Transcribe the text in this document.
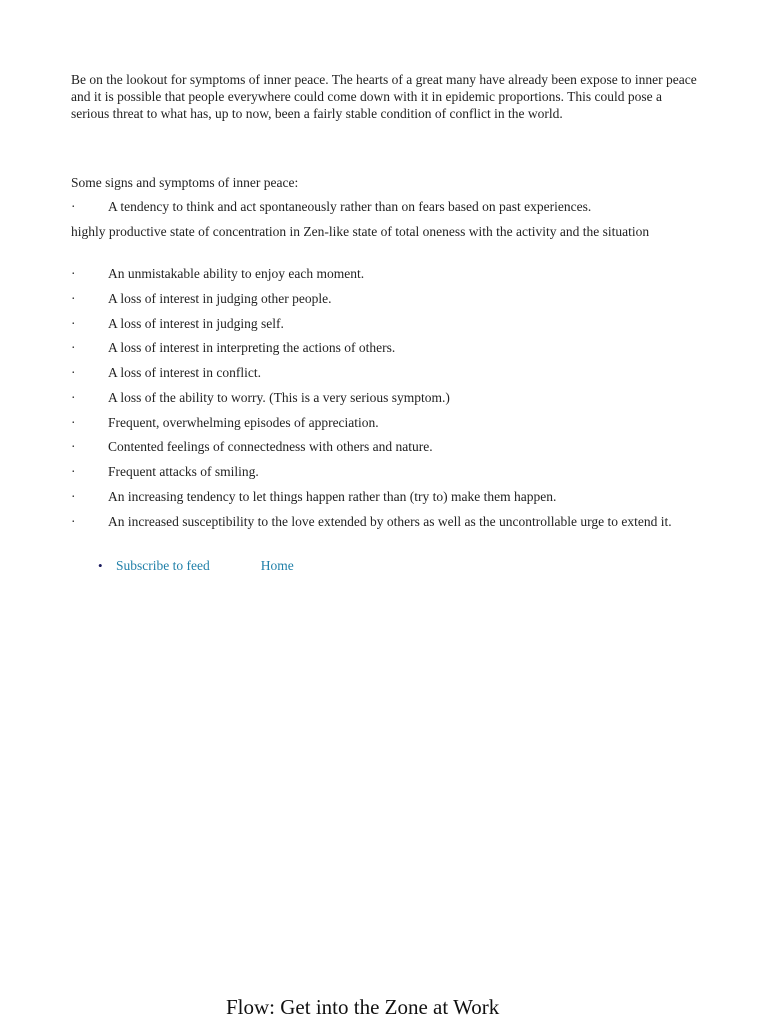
Be on the lookout for symptoms of inner peace. The hearts of a great many have already been expose to inner peace and it is possible that people everywhere could come down with it in epidemic proportions. This could pose a serious threat to what has, up to now, been a fairly stable condition of conflict in the world.

Some signs and symptoms of inner peace:

· A tendency to think and act spontaneously rather than on fears based on past experiences.

highly productive state of concentration in Zen-like state of total oneness with the activity and the situation

· An unmistakable ability to enjoy each moment.

· A loss of interest in judging other people.

· A loss of interest in judging self.

· A loss of interest in interpreting the actions of others.

· A loss of interest in conflict.

· A loss of the ability to worry. (This is a very serious symptom.)

· Frequent, overwhelming episodes of appreciation.

· Contented feelings of connectedness with others and nature.

· Frequent attacks of smiling.

· An increasing tendency to let things happen rather than (try to) make them happen.

· An increased susceptibility to the love extended by others as well as the uncontrollable urge to extend it.

• Subscribe to feed	Home
Flow: Get into the Zone at Work
